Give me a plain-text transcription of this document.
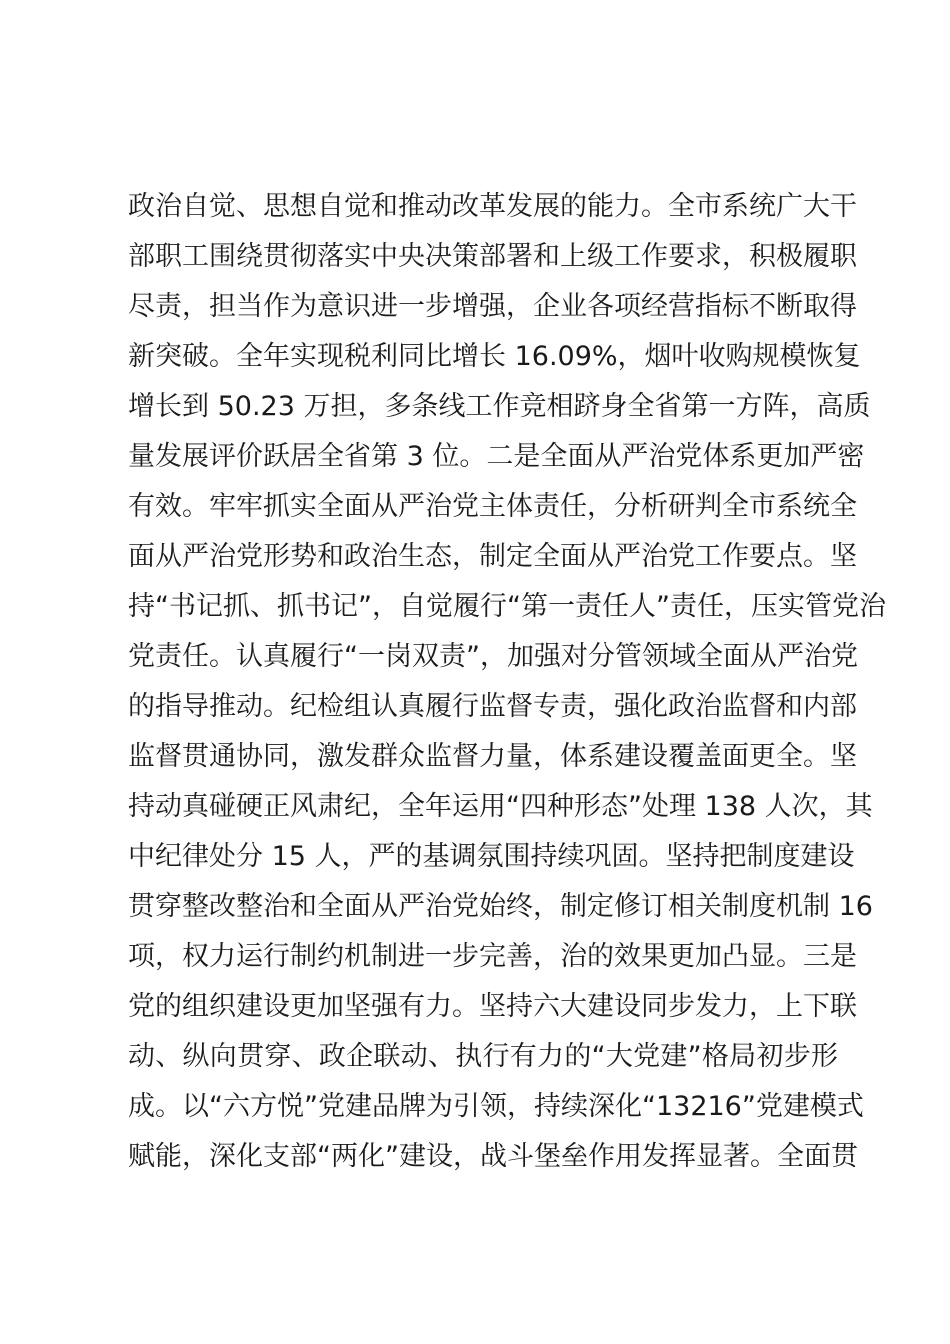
政治自觉、思想自觉和推动改革发展的能力。全市系统广大干
部职工围绕贯彻落实中央决策部署和上级工作要求，积极履职
尽责，担当作为意识进一步增强，企业各项经营指标不断取得
新突破。全年实现税利同比增长 16.09%，烟叶收购规模恢复
增长到 50.23 万担，多条线工作竞相跻身全省第一方阵，高质
量发展评价跃居全省第 3 位。二是全面从严治党体系更加严密
有效。牢牢抓实全面从严治党主体责任，分析研判全市系统全
面从严治党形势和政治生态，制定全面从严治党工作要点。坚
持“书记抓、抓书记”，自觉履行“第一责任人”责任，压实管党治
党责任。认真履行“一岗双责”，加强对分管领域全面从严治党
的指导推动。纪检组认真履行监督专责，强化政治监督和内部
监督贯通协同，激发群众监督力量，体系建设覆盖面更全。坚
持动真碰硬正风肃纪，全年运用“四种形态”处理 138 人次，其
中纪律处分 15 人，严的基调氛围持续巩固。坚持把制度建设
贯穿整改整治和全面从严治党始终，制定修订相关制度机制 16
项，权力运行制约机制进一步完善，治的效果更加凸显。三是
党的组织建设更加坚强有力。坚持六大建设同步发力，上下联
动、纵向贯穿、政企联动、执行有力的“大党建”格局初步形
成。以“六方悦”党建品牌为引领，持续深化“13216”党建模式
赋能，深化支部“两化”建设，战斗堡垒作用发挥显著。全面贯
